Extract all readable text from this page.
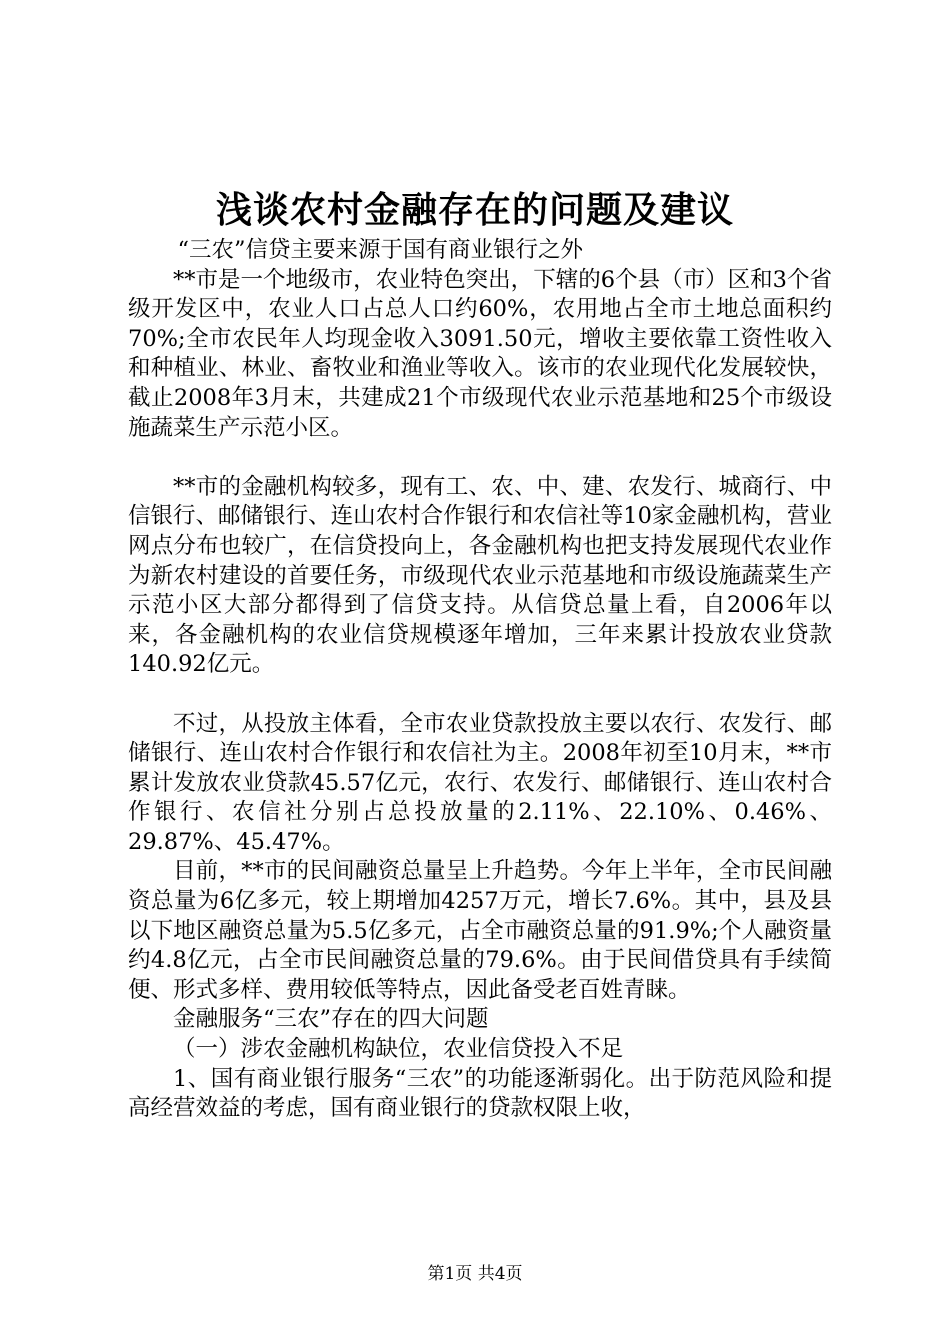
浅谈农村金融存在的问题及建议

“三农”信贷主要来源于国有商业银行之外

**市是一个地级市，农业特色突出，下辖的6个县（市）区和3个省级开发区中，农业人口占总人口约60%，农用地占全市土地总面积约70%;全市农民年人均现金收入3091.50元，增收主要依靠工资性收入和种植业、林业、畜牧业和渔业等收入。该市的农业现代化发展较快，截止2008年3月末，共建成21个市级现代农业示范基地和25个市级设施蔬菜生产示范小区。

**市的金融机构较多，现有工、农、中、建、农发行、城商行、中信银行、邮储银行、连山农村合作银行和农信社等10家金融机构，营业网点分布也较广，在信贷投向上，各金融机构也把支持发展现代农业作为新农村建设的首要任务，市级现代农业示范基地和市级设施蔬菜生产示范小区大部分都得到了信贷支持。从信贷总量上看，自2006年以来，各金融机构的农业信贷规模逐年增加，三年来累计投放农业贷款140.92亿元。

不过，从投放主体看，全市农业贷款投放主要以农行、农发行、邮储银行、连山农村合作银行和农信社为主。2008年初至10月末，**市累计发放农业贷款45.57亿元，农行、农发行、邮储银行、连山农村合作银行、农信社分别占总投放量的2.11%、22.10%、0.46%、29.87%、45.47%。

目前，**市的民间融资总量呈上升趋势。今年上半年，全市民间融资总量为6亿多元，较上期增加4257万元，增长7.6%。其中，县及县以下地区融资总量为5.5亿多元，占全市融资总量的91.9%;个人融资量约4.8亿元，占全市民间融资总量的79.6%。由于民间借贷具有手续简便、形式多样、费用较低等特点，因此备受老百姓青睐。

金融服务“三农”存在的四大问题

（一）涉农金融机构缺位，农业信贷投入不足

1、国有商业银行服务“三农”的功能逐渐弱化。出于防范风险和提高经营效益的考虑，国有商业银行的贷款权限上收，

第1页 共4页
